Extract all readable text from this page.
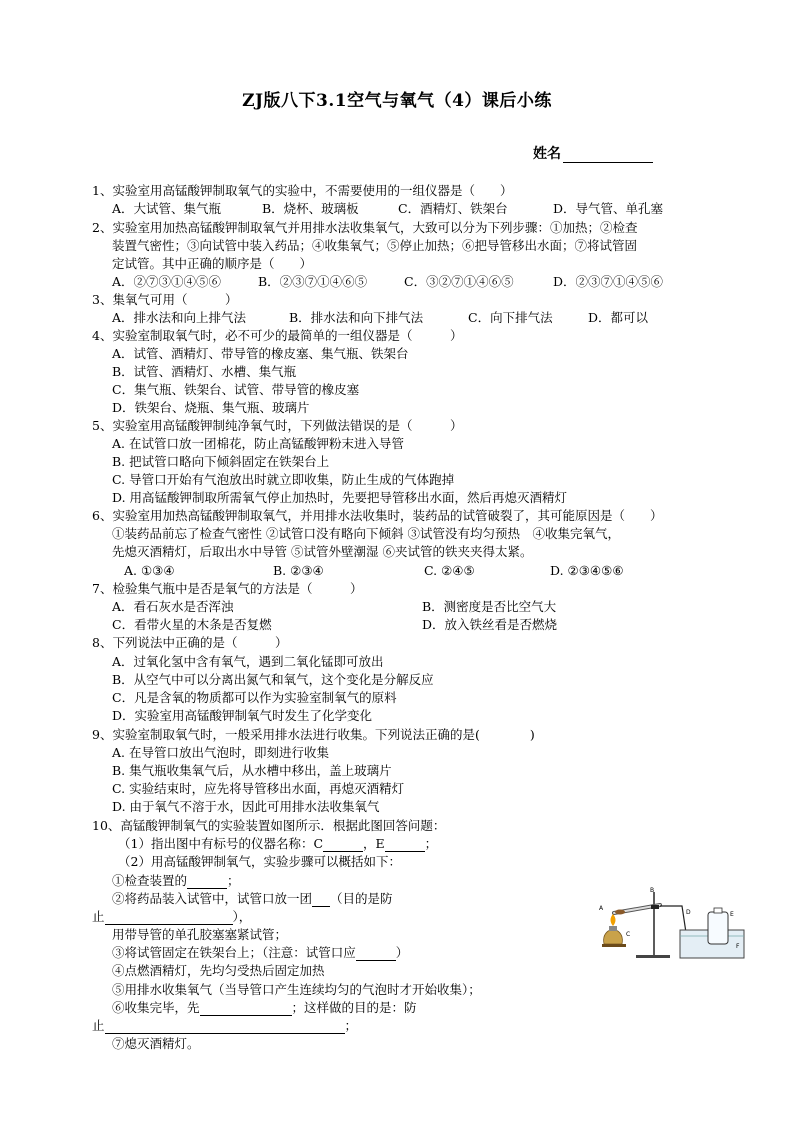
ZJ版八下3.1空气与氧气（4）课后小练
姓名
1、实验室用高锰酸钾制取氧气的实验中，不需要使用的一组仪器是（　　）
A．大试管、集气瓶	B．烧杯、玻璃板	C．酒精灯、铁架台	D．导气管、单孔塞
2、实验室用加热高锰酸钾制取氧气并用排水法收集氧气，大致可以分为下列步骤：①加热；②检查
装置气密性；③向试管中装入药品；④收集氧气；⑤停止加热；⑥把导管移出水面；⑦将试管固
定试管。其中正确的顺序是（　　）
A．②⑦③①④⑤⑥	B．②③⑦①④⑥⑤	C．③②⑦①④⑥⑤	D．②③⑦①④⑤⑥
3、集氧气可用（　　　）
A．排水法和向上排气法	B．排水法和向下排气法	C．向下排气法	D．都可以
4、实验室制取氧气时，必不可少的最简单的一组仪器是（　　　）
A．试管、酒精灯、带导管的橡皮塞、集气瓶、铁架台
B．试管、酒精灯、水槽、集气瓶
C．集气瓶、铁架台、试管、带导管的橡皮塞
D．铁架台、烧瓶、集气瓶、玻璃片
5、实验室用高锰酸钾制纯净氧气时，下列做法错误的是（　　　）
A. 在试管口放一团棉花，防止高锰酸钾粉末进入导管
B. 把试管口略向下倾斜固定在铁架台上
C. 导管口开始有气泡放出时就立即收集，防止生成的气体跑掉
D. 用高锰酸钾制取所需氧气停止加热时，先要把导管移出水面，然后再熄灭酒精灯
6、实验室用加热高锰酸钾制取氧气，并用排水法收集时，装药品的试管破裂了，其可能原因是（　　）
①装药品前忘了检查气密性 ②试管口没有略向下倾斜 ③试管没有均匀预热　④收集完氧气，
先熄灭酒精灯，后取出水中导管 ⑤试管外壁潮湿 ⑥夹试管的铁夹夹得太紧。
A. ①③④	B. ②③④	C. ②④⑤	D. ②③④⑤⑥
7、检验集气瓶中是否是氧气的方法是（　　　）
A．看石灰水是否浑浊	B．测密度是否比空气大
C．看带火星的木条是否复燃	D．放入铁丝看是否燃烧
8、下列说法中正确的是（　　　）
A．过氧化氢中含有氧气，遇到二氧化锰即可放出
B．从空气中可以分离出氮气和氧气，这个变化是分解反应
C．凡是含氧的物质都可以作为实验室制氧气的原料
D．实验室用高锰酸钾制氧气时发生了化学变化
9、实验室制取氧气时，一般采用排水法进行收集。下列说法正确的是(　　　　)
A. 在导管口放出气泡时，即刻进行收集
B. 集气瓶收集氧气后，从水槽中移出，盖上玻璃片
C. 实验结束时，应先将导管移出水面，再熄灭酒精灯
D. 由于氧气不溶于水，因此可用排水法收集氧气
10、高锰酸钾制氧气的实验装置如图所示．根据此图回答问题：
（1）指出图中有标号的仪器名称：C	，E	；
（2）用高锰酸钾制氧气，实验步骤可以概括如下：
①检查装置的	；
②将药品装入试管中，试管口放一团 （目的是防
止	），
用带导管的单孔胶塞塞紧试管；
③将试管固定在铁架台上；（注意：试管口应	）
④点燃酒精灯，先均匀受热后固定加热
⑤用排水收集氧气（当导管口产生连续均匀的气泡时才开始收集）；
⑥收集完毕，先	；这样做的目的是：防
止	；
⑦熄灭酒精灯。
B
A
C
D	E
F
